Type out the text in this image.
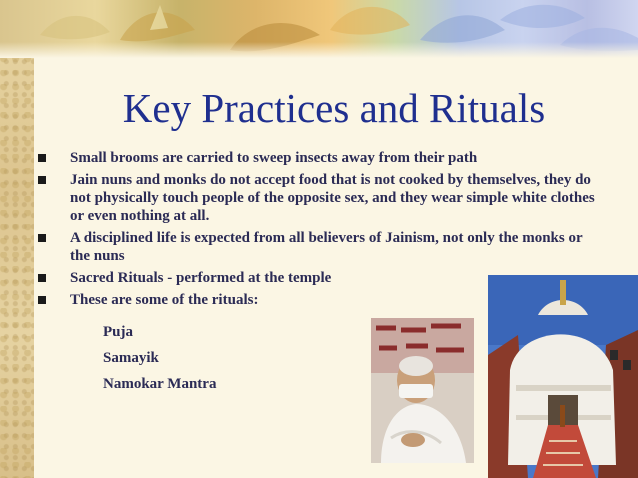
Key Practices and Rituals
Small brooms are carried to sweep insects away from their path
Jain nuns and monks do not accept food that is not cooked by themselves, they do not physically touch people of the opposite sex, and they wear simple white clothes or even nothing at all.
A disciplined life is expected from all believers of Jainism, not only the monks or the nuns
Sacred Rituals - performed at the temple
These are some of the rituals:
Puja
Samayik
Namokar Mantra
